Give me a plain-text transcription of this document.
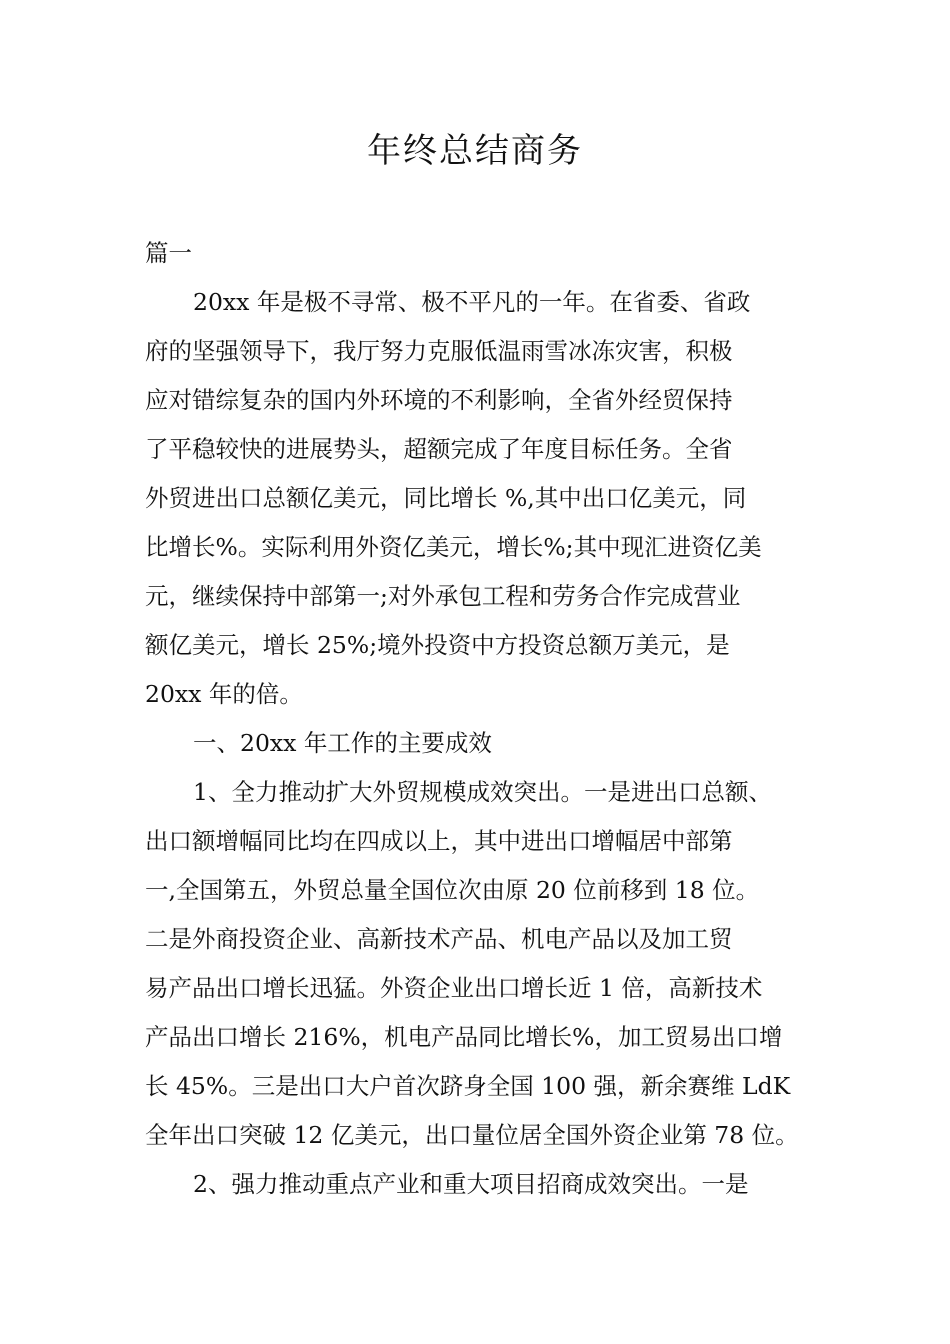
年终总结商务
篇一
20xx 年是极不寻常、极不平凡的一年。在省委、省政
府的坚强领导下，我厅努力克服低温雨雪冰冻灾害，积极
应对错综复杂的国内外环境的不利影响，全省外经贸保持
了平稳较快的进展势头，超额完成了年度目标任务。全省
外贸进出口总额亿美元，同比增长 %,其中出口亿美元，同
比增长%。实际利用外资亿美元，增长%;其中现汇进资亿美
元，继续保持中部第一;对外承包工程和劳务合作完成营业
额亿美元，增长 25%;境外投资中方投资总额万美元，是
20xx 年的倍。
一、20xx 年工作的主要成效
1、全力推动扩大外贸规模成效突出。一是进出口总额、
出口额增幅同比均在四成以上，其中进出口增幅居中部第
一,全国第五，外贸总量全国位次由原 20 位前移到 18 位。
二是外商投资企业、高新技术产品、机电产品以及加工贸
易产品出口增长迅猛。外资企业出口增长近 1 倍，高新技术
产品出口增长 216%，机电产品同比增长%，加工贸易出口增
长 45%。三是出口大户首次跻身全国 100 强，新余赛维 LdK
全年出口突破 12 亿美元，出口量位居全国外资企业第 78 位。
2、强力推动重点产业和重大项目招商成效突出。一是
